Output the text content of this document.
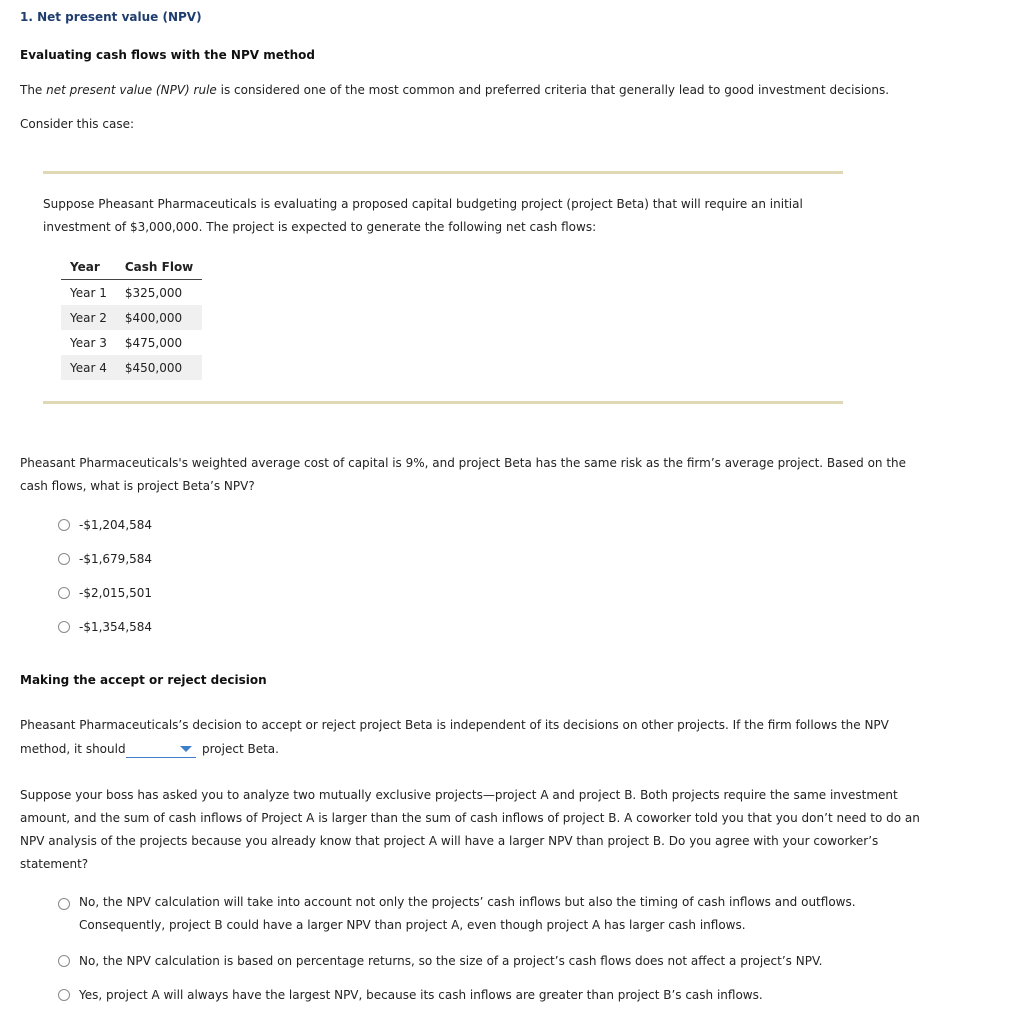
1. Net present value (NPV)
Evaluating cash flows with the NPV method
The net present value (NPV) rule is considered one of the most common and preferred criteria that generally lead to good investment decisions.
Consider this case:
Suppose Pheasant Pharmaceuticals is evaluating a proposed capital budgeting project (project Beta) that will require an initial
investment of $3,000,000. The project is expected to generate the following net cash flows:
Year	Cash Flow
Year 1	$325,000
Year 2	$400,000
Year 3	$475,000
Year 4	$450,000
Pheasant Pharmaceuticals's weighted average cost of capital is 9%, and project Beta has the same risk as the firm’s average project. Based on the
cash flows, what is project Beta’s NPV?
-$1,204,584
-$1,679,584
-$2,015,501
-$1,354,584
Making the accept or reject decision
Pheasant Pharmaceuticals’s decision to accept or reject project Beta is independent of its decisions on other projects. If the firm follows the NPV
method, it should	project Beta.
Suppose your boss has asked you to analyze two mutually exclusive projects—project A and project B. Both projects require the same investment
amount, and the sum of cash inflows of Project A is larger than the sum of cash inflows of project B. A coworker told you that you don’t need to do an
NPV analysis of the projects because you already know that project A will have a larger NPV than project B. Do you agree with your coworker’s
statement?
No, the NPV calculation will take into account not only the projects’ cash inflows but also the timing of cash inflows and outflows.
Consequently, project B could have a larger NPV than project A, even though project A has larger cash inflows.
No, the NPV calculation is based on percentage returns, so the size of a project’s cash flows does not affect a project’s NPV.
Yes, project A will always have the largest NPV, because its cash inflows are greater than project B’s cash inflows.
